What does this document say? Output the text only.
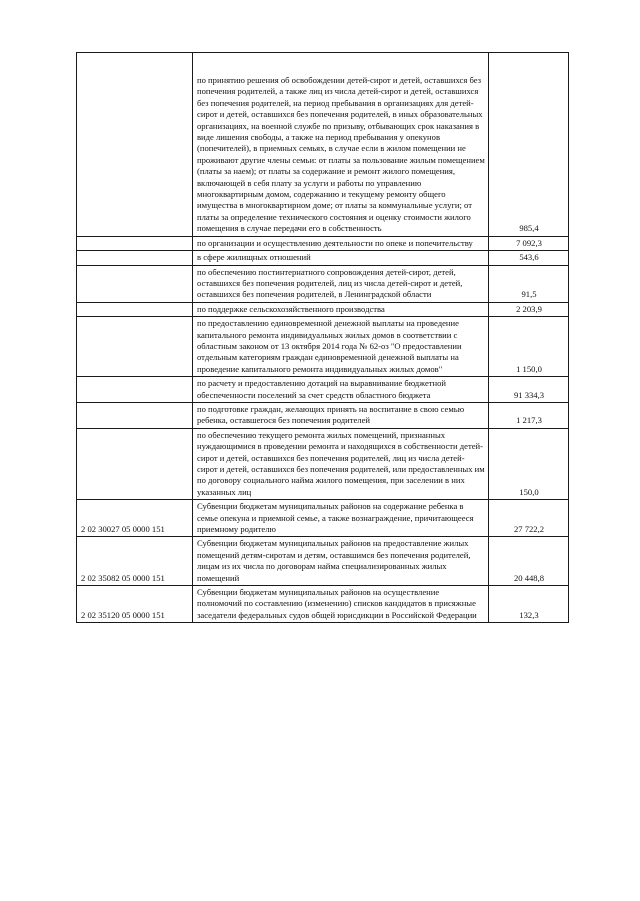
	по принятию решения об освобождении детей-сирот и детей, оставшихся без попечения родителей, а также лиц из числа детей-сирот и детей, оставшихся без попечения родителей, на период пребывания в организациях для детей-сирот и детей, оставшихся без попечения родителей, в иных образовательных организациях, на военной службе по призыву, отбывающих срок наказания в виде лишения свободы, а также на период пребывания у опекунов (попечителей), в приемных семьях, в случае если в жилом помещении не проживают другие члены семьи: от платы за пользование жилым помещением (платы за наем); от платы за содержание и ремонт жилого помещения, включающей в себя плату за услуги и работы по управлению многоквартирным домом, содержанию и текущему ремонту общего имущества в многоквартирном доме; от платы за коммунальные услуги; от платы за определение технического состояния и оценку стоимости жилого помещения в случае передачи его в собственность	985,4
	по организации и осуществлению деятельности по опеке и попечительству	7 092,3
	в сфере жилищных отношений	543,6
	по обеспечению постинтернатного сопровождения детей-сирот, детей, оставшихся без попечения родителей, лиц из числа детей-сирот и детей, оставшихся без попечения родителей, в Ленинградской области	91,5
	по поддержке сельскохозяйственного производства	2 203,9
	по предоставлению единовременной денежной выплаты на проведение капитального ремонта индивидуальных жилых домов в соответствии с областным законом от 13 октября 2014 года № 62-оз "О предоставлении отдельным категориям граждан единовременной денежной выплаты на проведение капитального ремонта индивидуальных жилых домов"	1 150,0
	по расчету и предоставлению дотаций на выравнивание бюджетной обеспеченности поселений за счет средств областного бюджета	91 334,3
	по подготовке граждан, желающих принять на воспитание в свою семью ребенка, оставшегося без попечения родителей	1 217,3
	по обеспечению текущего ремонта жилых помещений, признанных нуждающимися в проведении ремонта и находящихся в собственности детей-сирот и детей, оставшихся без попечения родителей, лиц из числа детей-сирот и детей, оставшихся без попечения родителей, или предоставленных им по договору социального найма жилого помещения, при заселении в них указанных лиц	150,0
2 02 30027 05 0000 151	Субвенции бюджетам муниципальных районов на содержание ребенка в семье опекуна и приемной семье, а также вознаграждение, причитающееся приемному родителю	27 722,2
2 02 35082 05 0000 151	Субвенции бюджетам муниципальных районов на предоставление жилых помещений детям-сиротам и детям, оставшимся без попечения родителей, лицам из их числа по договорам найма специализированных жилых помещений	20 448,8
2 02 35120 05 0000 151	Субвенции бюджетам муниципальных районов на осуществление полномочий по составлению (изменению) списков кандидатов в присяжные заседатели федеральных судов общей юрисдикции в Российской Федерации	132,3
